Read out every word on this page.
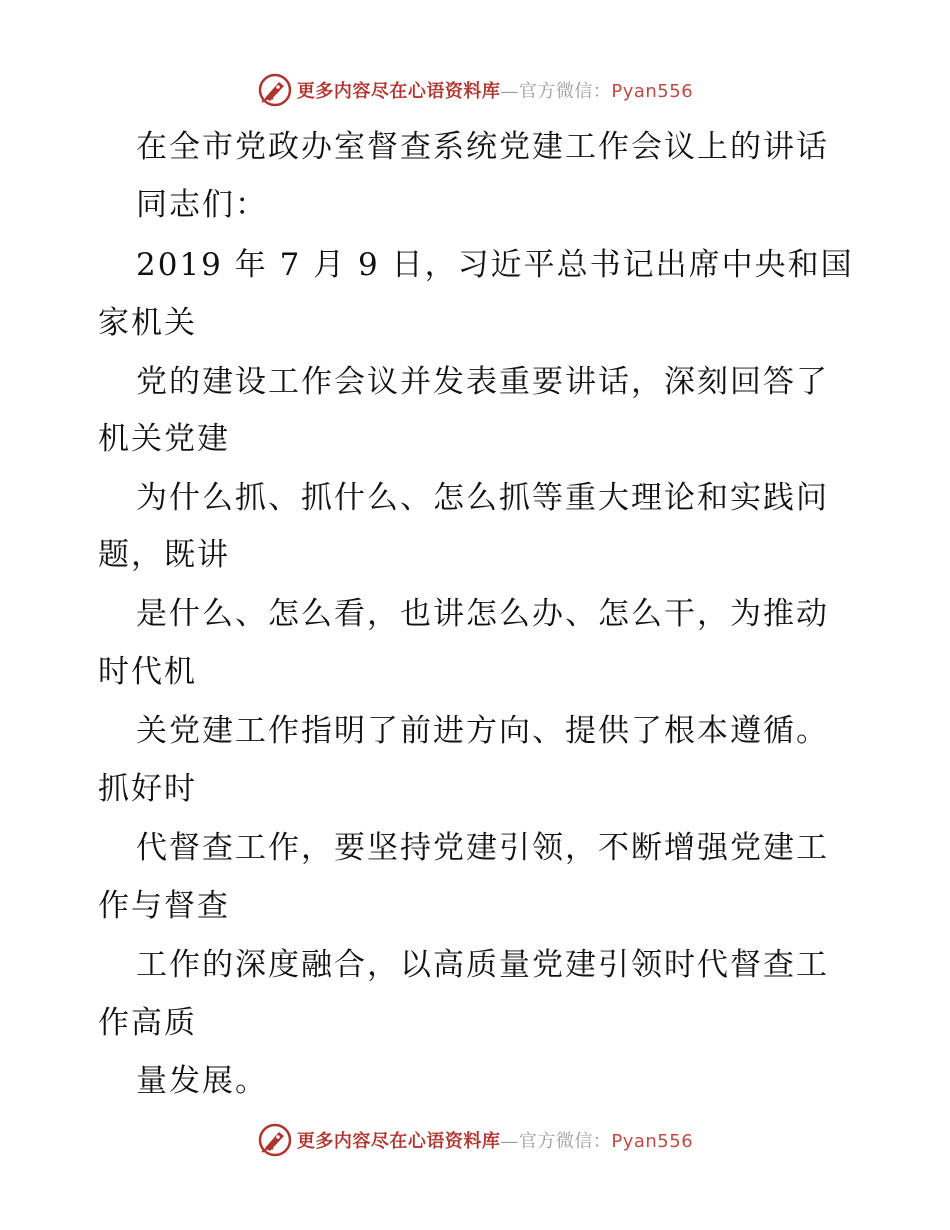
更多内容尽在心语资料库—官方微信：Pyan556
在全市党政办室督查系统党建工作会议上的讲话
同志们：
2019 年 7 月 9 日，习近平总书记出席中央和国
家机关
党的建设工作会议并发表重要讲话，深刻回答了
机关党建
为什么抓、抓什么、怎么抓等重大理论和实践问
题，既讲
是什么、怎么看，也讲怎么办、怎么干，为推动
时代机
关党建工作指明了前进方向、提供了根本遵循。
抓好时
代督查工作，要坚持党建引领，不断增强党建工
作与督查
工作的深度融合，以高质量党建引领时代督查工
作高质
量发展。
更多内容尽在心语资料库—官方微信：Pyan556
